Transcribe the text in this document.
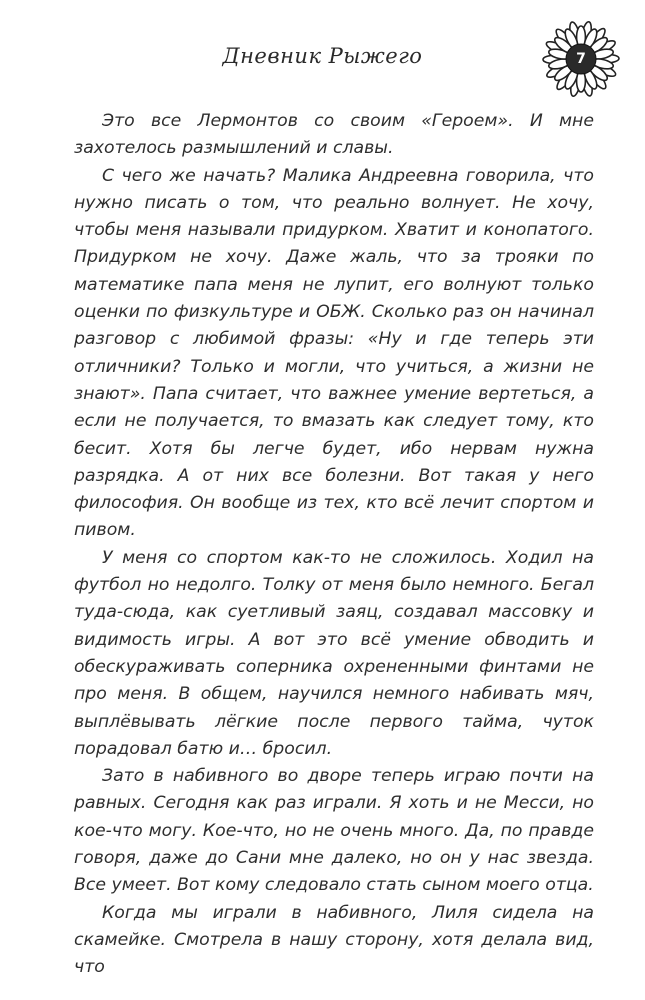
Дневник Рыжего	7

Это все Лермонтов со своим «Героем». И мне захотелось размышлений и славы.

С чего же начать? Малика Андреевна говорила, что нужно писать о том, что реально волнует. Не хочу, чтобы меня называли придурком. Хватит и конопатого. Придурком не хочу. Даже жаль, что за трояки по математике папа меня не лупит, его волнуют только оценки по физкультуре и ОБЖ. Сколько раз он начинал разговор с любимой фразы: «Ну и где теперь эти отличники? Только и могли, что учиться, а жизни не знают». Папа считает, что важнее умение вертеться, а если не получается, то вмазать как следует тому, кто бесит. Хотя бы легче будет, ибо нервам нужна разрядка. А от них все болезни. Вот такая у него философия. Он вообще из тех, кто всё лечит спортом и пивом.

У меня со спортом как-то не сложилось. Ходил на футбол но недолго. Толку от меня было немного. Бегал туда-сюда, как суетливый заяц, создавал массовку и видимость игры. А вот это всё умение обводить и обескураживать соперника охрененными финтами не про меня. В общем, научился немного набивать мяч, выплёвывать лёгкие после первого тайма, чуток порадовал батю и… бросил.

Зато в набивного во дворе теперь играю почти на равных. Сегодня как раз играли. Я хоть и не Месси, но кое-что могу. Кое-что, но не очень много. Да, по правде говоря, даже до Сани мне далеко, но он у нас звезда. Все умеет. Вот кому следовало стать сыном моего отца.

Когда мы играли в набивного, Лиля сидела на скамейке. Смотрела в нашу сторону, хотя делала вид, что
